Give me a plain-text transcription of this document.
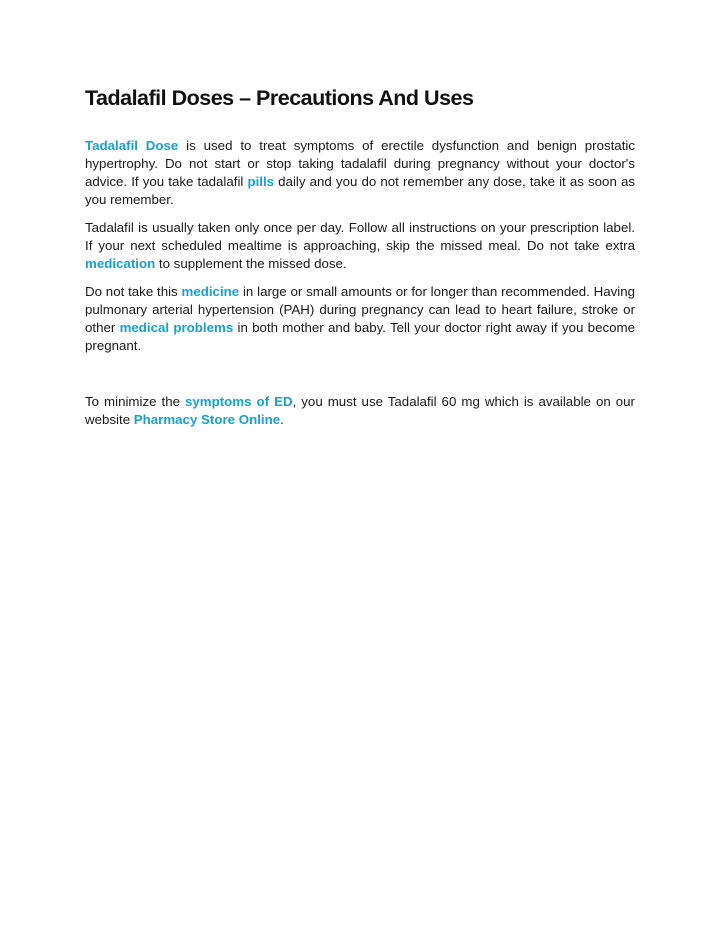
Tadalafil Doses – Precautions And Uses

Tadalafil Dose is used to treat symptoms of erectile dysfunction and benign prostatic hypertrophy. Do not start or stop taking tadalafil during pregnancy without your doctor's advice. If you take tadalafil pills daily and you do not remember any dose, take it as soon as you remember.

Tadalafil is usually taken only once per day. Follow all instructions on your prescription label. If your next scheduled mealtime is approaching, skip the missed meal. Do not take extra medication to supplement the missed dose.

Do not take this medicine in large or small amounts or for longer than recommended. Having pulmonary arterial hypertension (PAH) during pregnancy can lead to heart failure, stroke or other medical problems in both mother and baby. Tell your doctor right away if you become pregnant.

To minimize the symptoms of ED, you must use Tadalafil 60 mg which is available on our website Pharmacy Store Online.
